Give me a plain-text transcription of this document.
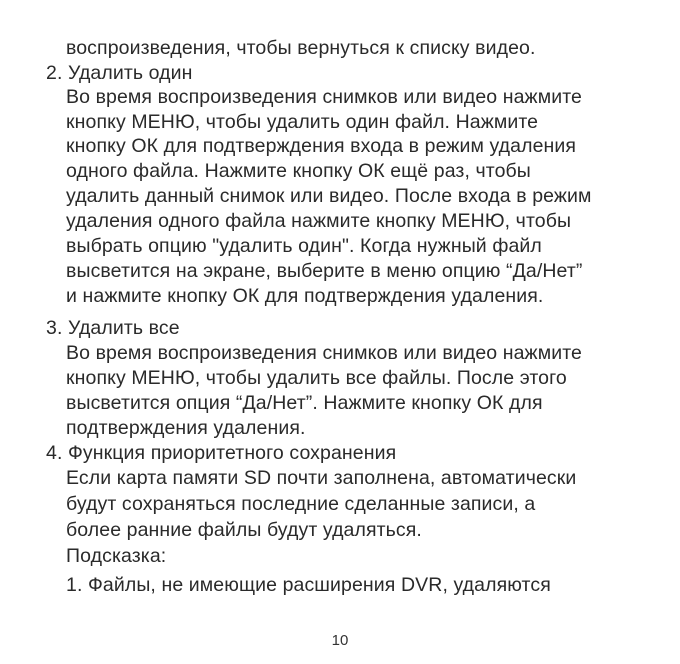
воспроизведения, чтобы вернуться к списку видео.
2. Удалить один
Во время воспроизведения снимков или видео нажмите
кнопку МЕНЮ, чтобы удалить один файл. Нажмите
кнопку ОК для подтверждения входа в режим удаления
одного файла. Нажмите кнопку ОК ещё раз, чтобы
удалить данный снимок или видео. После входа в режим
удаления одного файла нажмите кнопку МЕНЮ, чтобы
выбрать опцию "удалить один". Когда нужный файл
высветится на экране, выберите в меню опцию “Да/Нет”
и нажмите кнопку ОК для подтверждения удаления.
3. Удалить все
Во время воспроизведения снимков или видео нажмите
кнопку МЕНЮ, чтобы удалить все файлы. После этого
высветится опция “Да/Нет”. Нажмите кнопку ОК для
подтверждения удаления.
4. Функция приоритетного сохранения
Если карта памяти SD почти заполнена, автоматически
будут сохраняться последние сделанные записи, а
более ранние файлы будут удаляться.
Подсказка:
1. Файлы, не имеющие расширения DVR, удаляются
10
